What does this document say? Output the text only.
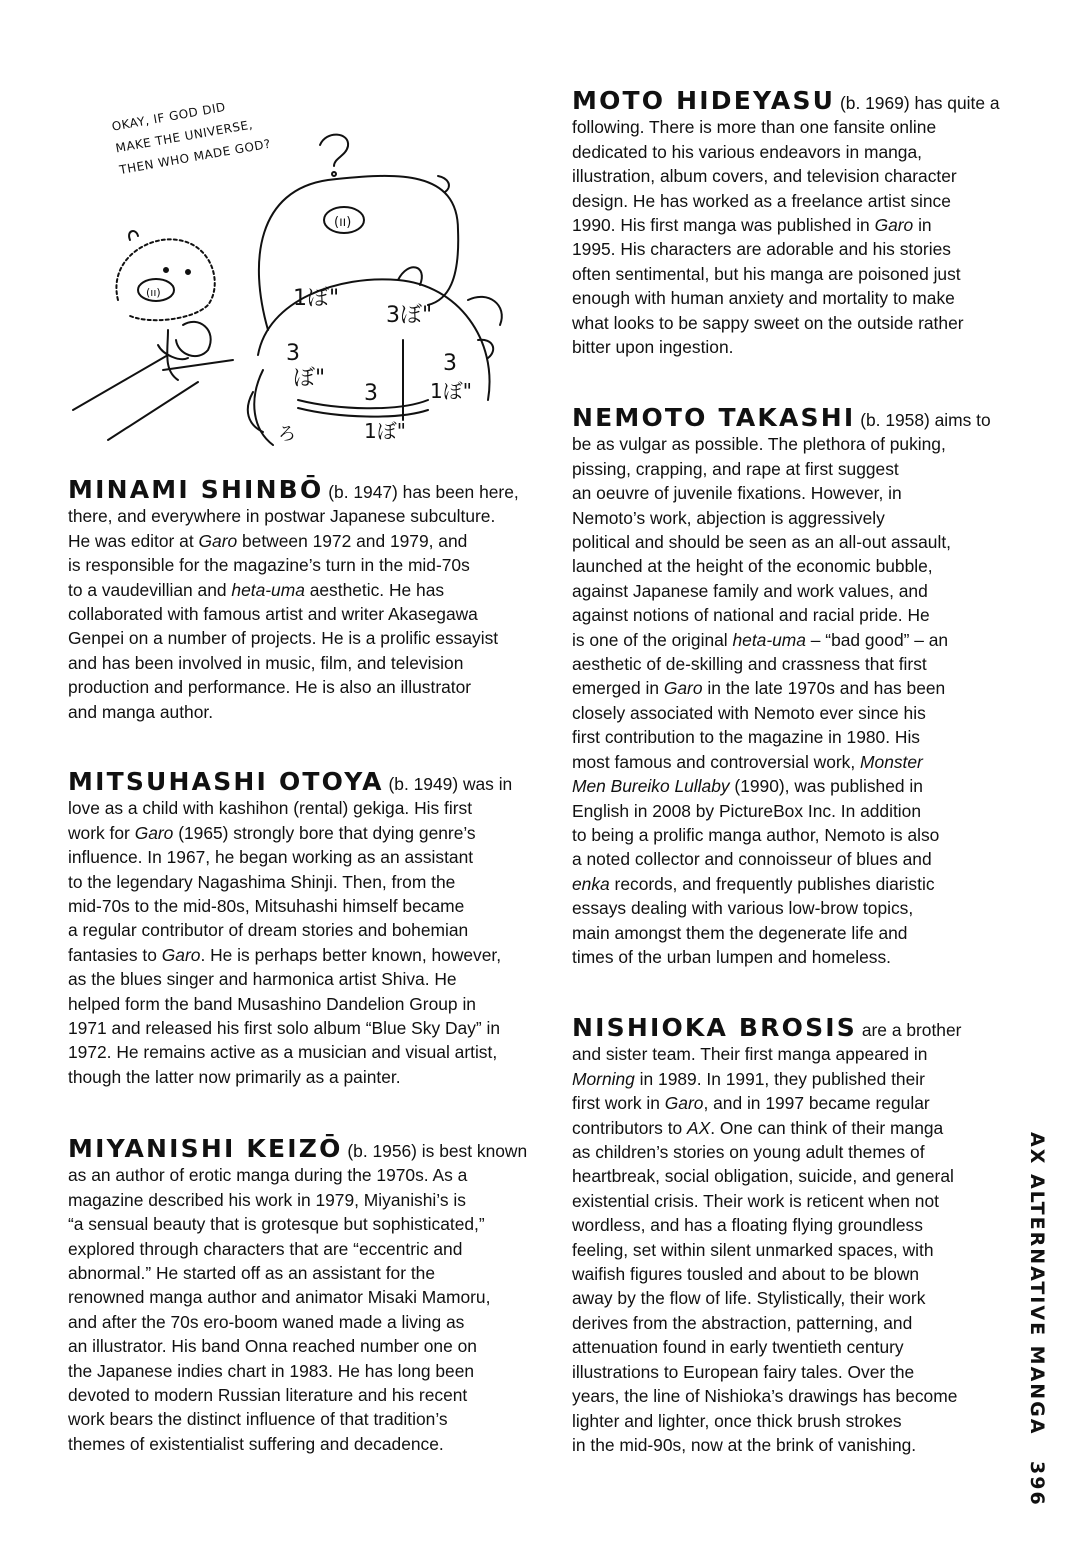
(ıı)
1ぼ"
3ぼ"
3
ぼ"
3
3
1ぼ"
ろ	1ぼ"
(ıı)
OKAY, IF GOD DID
MAKE THE UNIVERSE,
THEN WHO MADE GOD?
MINAMI SHINBŌ (b. 1947) has been here,
there, and everywhere in postwar Japanese subculture.
He was editor at Garo between 1972 and 1979, and
is responsible for the magazine’s turn in the mid-70s
to a vaudevillian and heta-uma aesthetic. He has
collaborated with famous artist and writer Akasegawa
Genpei on a number of projects. He is a prolific essayist
and has been involved in music, film, and television
production and performance. He is also an illustrator
and manga author.
MITSUHASHI OTOYA (b. 1949) was in
love as a child with kashihon (rental) gekiga. His first
work for Garo (1965) strongly bore that dying genre’s
influence. In 1967, he began working as an assistant
to the legendary Nagashima Shinji. Then, from the
mid-70s to the mid-80s, Mitsuhashi himself became
a regular contributor of dream stories and bohemian
fantasies to Garo. He is perhaps better known, however,
as the blues singer and harmonica artist Shiva. He
helped form the band Musashino Dandelion Group in
1971 and released his first solo album “Blue Sky Day” in
1972. He remains active as a musician and visual artist,
though the latter now primarily as a painter.
MIYANISHI KEIZŌ (b. 1956) is best known
as an author of erotic manga during the 1970s. As a
magazine described his work in 1979, Miyanishi’s is
“a sensual beauty that is grotesque but sophisticated,”
explored through characters that are “eccentric and
abnormal.” He started off as an assistant for the
renowned manga author and animator Misaki Mamoru,
and after the 70s ero-boom waned made a living as
an illustrator. His band Onna reached number one on
the Japanese indies chart in 1983. He has long been
devoted to modern Russian literature and his recent
work bears the distinct influence of that tradition’s
themes of existentialist suffering and decadence.
MOTO HIDEYASU (b. 1969) has quite a
following. There is more than one fansite online
dedicated to his various endeavors in manga,
illustration, album covers, and television character
design. He has worked as a freelance artist since
1990. His first manga was published in Garo in
1995. His characters are adorable and his stories
often sentimental, but his manga are poisoned just
enough with human anxiety and mortality to make
what looks to be sappy sweet on the outside rather
bitter upon ingestion.
NEMOTO TAKASHI (b. 1958) aims to
be as vulgar as possible. The plethora of puking,
pissing, crapping, and rape at first suggest
an oeuvre of juvenile fixations. However, in
Nemoto’s work, abjection is aggressively
political and should be seen as an all-out assault,
launched at the height of the economic bubble,
against Japanese family and work values, and
against notions of national and racial pride. He
is one of the original heta-uma – “bad good” – an
aesthetic of de-skilling and crassness that first
emerged in Garo in the late 1970s and has been
closely associated with Nemoto ever since his
first contribution to the magazine in 1980. His
most famous and controversial work, Monster
Men Bureiko Lullaby (1990), was published in
English in 2008 by PictureBox Inc. In addition
to being a prolific manga author, Nemoto is also
a noted collector and connoisseur of blues and
enka records, and frequently publishes diaristic
essays dealing with various low-brow topics,
main amongst them the degenerate life and
times of the urban lumpen and homeless.
NISHIOKA BROSIS are a brother
and sister team. Their first manga appeared in
Morning in 1989. In 1991, they published their
first work in Garo, and in 1997 became regular
contributors to AX. One can think of their manga
as children’s stories on young adult themes of
heartbreak, social obligation, suicide, and general
existential crisis. Their work is reticent when not
wordless, and has a floating flying groundless
feeling, set within silent unmarked spaces, with
waifish figures tousled and about to be blown
away by the flow of life. Stylistically, their work
derives from the abstraction, patterning, and
attenuation found in early twentieth century
illustrations to European fairy tales. Over the
years, the line of Nishioka’s drawings has become
lighter and lighter, once thick brush strokes
in the mid-90s, now at the brink of vanishing.
AX ALTERNATIVE MANGA396
